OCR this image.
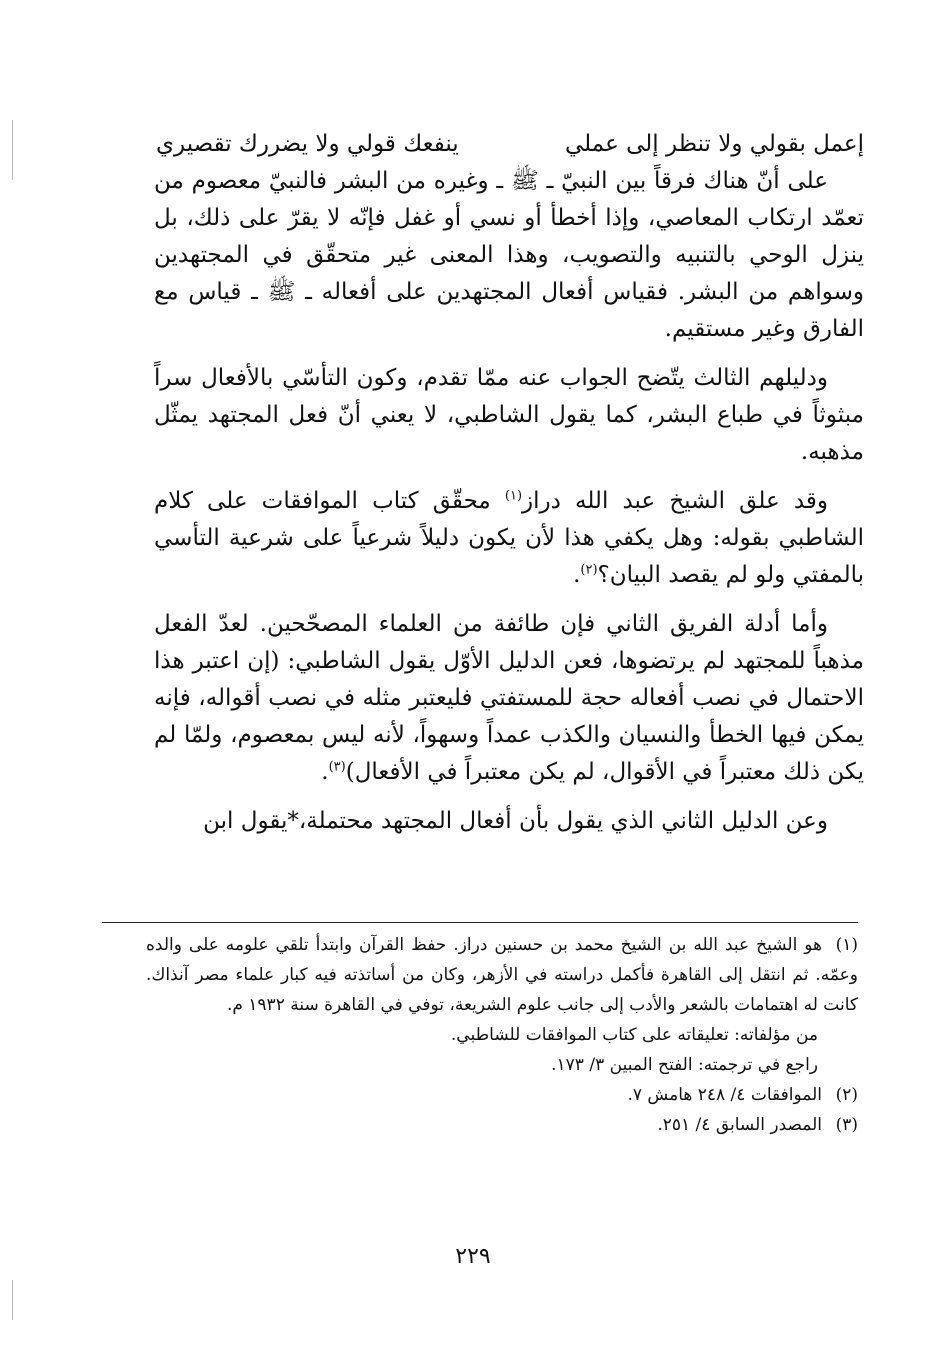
إعمل بقولي ولا تنظر إلى عملي
ينفعك قولي ولا يضررك تقصيري

على أنّ هناك فرقاً بين النبيّ ـ ﷺ ـ وغيره من البشر فالنبيّ معصوم من تعمّد ارتكاب المعاصي، وإذا أخطأ أو نسي أو غفل فإنّه لا يقرّ على ذلك، بل ينزل الوحي بالتنبيه والتصويب، وهذا المعنى غير متحقّق في المجتهدين وسواهم من البشر. فقياس أفعال المجتهدين على أفعاله ـ ﷺ ـ قياس مع الفارق وغير مستقيم.

ودليلهم الثالث يتّضح الجواب عنه ممّا تقدم، وكون التأسّي بالأفعال سراً مبثوثاً في طباع البشر، كما يقول الشاطبي، لا يعني أنّ فعل المجتهد يمثّل مذهبه.

وقد علق الشيخ عبد الله دراز$^{(١)}$ محقّق كتاب الموافقات على كلام الشاطبي بقوله: وهل يكفي هذا لأن يكون دليلاً شرعياً على شرعية التأسي بالمفتي ولو لم يقصد البيان؟$^{(٢)}$.

وأما أدلة الفريق الثاني فإن طائفة من العلماء المصحّحين. لعدّ الفعل مذهباً للمجتهد لم يرتضوها، فعن الدليل الأوّل يقول الشاطبي: (إن اعتبر هذا الاحتمال في نصب أفعاله حجة للمستفتي فليعتبر مثله في نصب أقواله، فإنه يمكن فيها الخطأ والنسيان والكذب عمداً وسهواً، لأنه ليس بمعصوم، ولمّا لم يكن ذلك معتبراً في الأقوال، لم يكن معتبراً في الأفعال)$^{(٣)}$.

وعن الدليل الثاني الذي يقول بأن أفعال المجتهد محتملة،*يقول ابن

(١)هو الشيخ عبد الله بن الشيخ محمد بن حسنين دراز. حفظ القرآن وابتدأ تلقي علومه على والده وعمّه. ثم انتقل إلى القاهرة فأكمل دراسته في الأزهر، وكان من أساتذته فيه كبار علماء مصر آنذاك. كانت له اهتمامات بالشعر والأدب إلى جانب علوم الشريعة، توفي في القاهرة سنة ١٩٣٢ م.

من مؤلفاته: تعليقاته على كتاب الموافقات للشاطبي.

راجع في ترجمته: الفتح المبين ٣/ ١٧٣.

(٢)الموافقات ٤/ ٢٤٨ هامش ٧.

(٣)المصدر السابق ٤/ ٢٥١.

٢٢٩
